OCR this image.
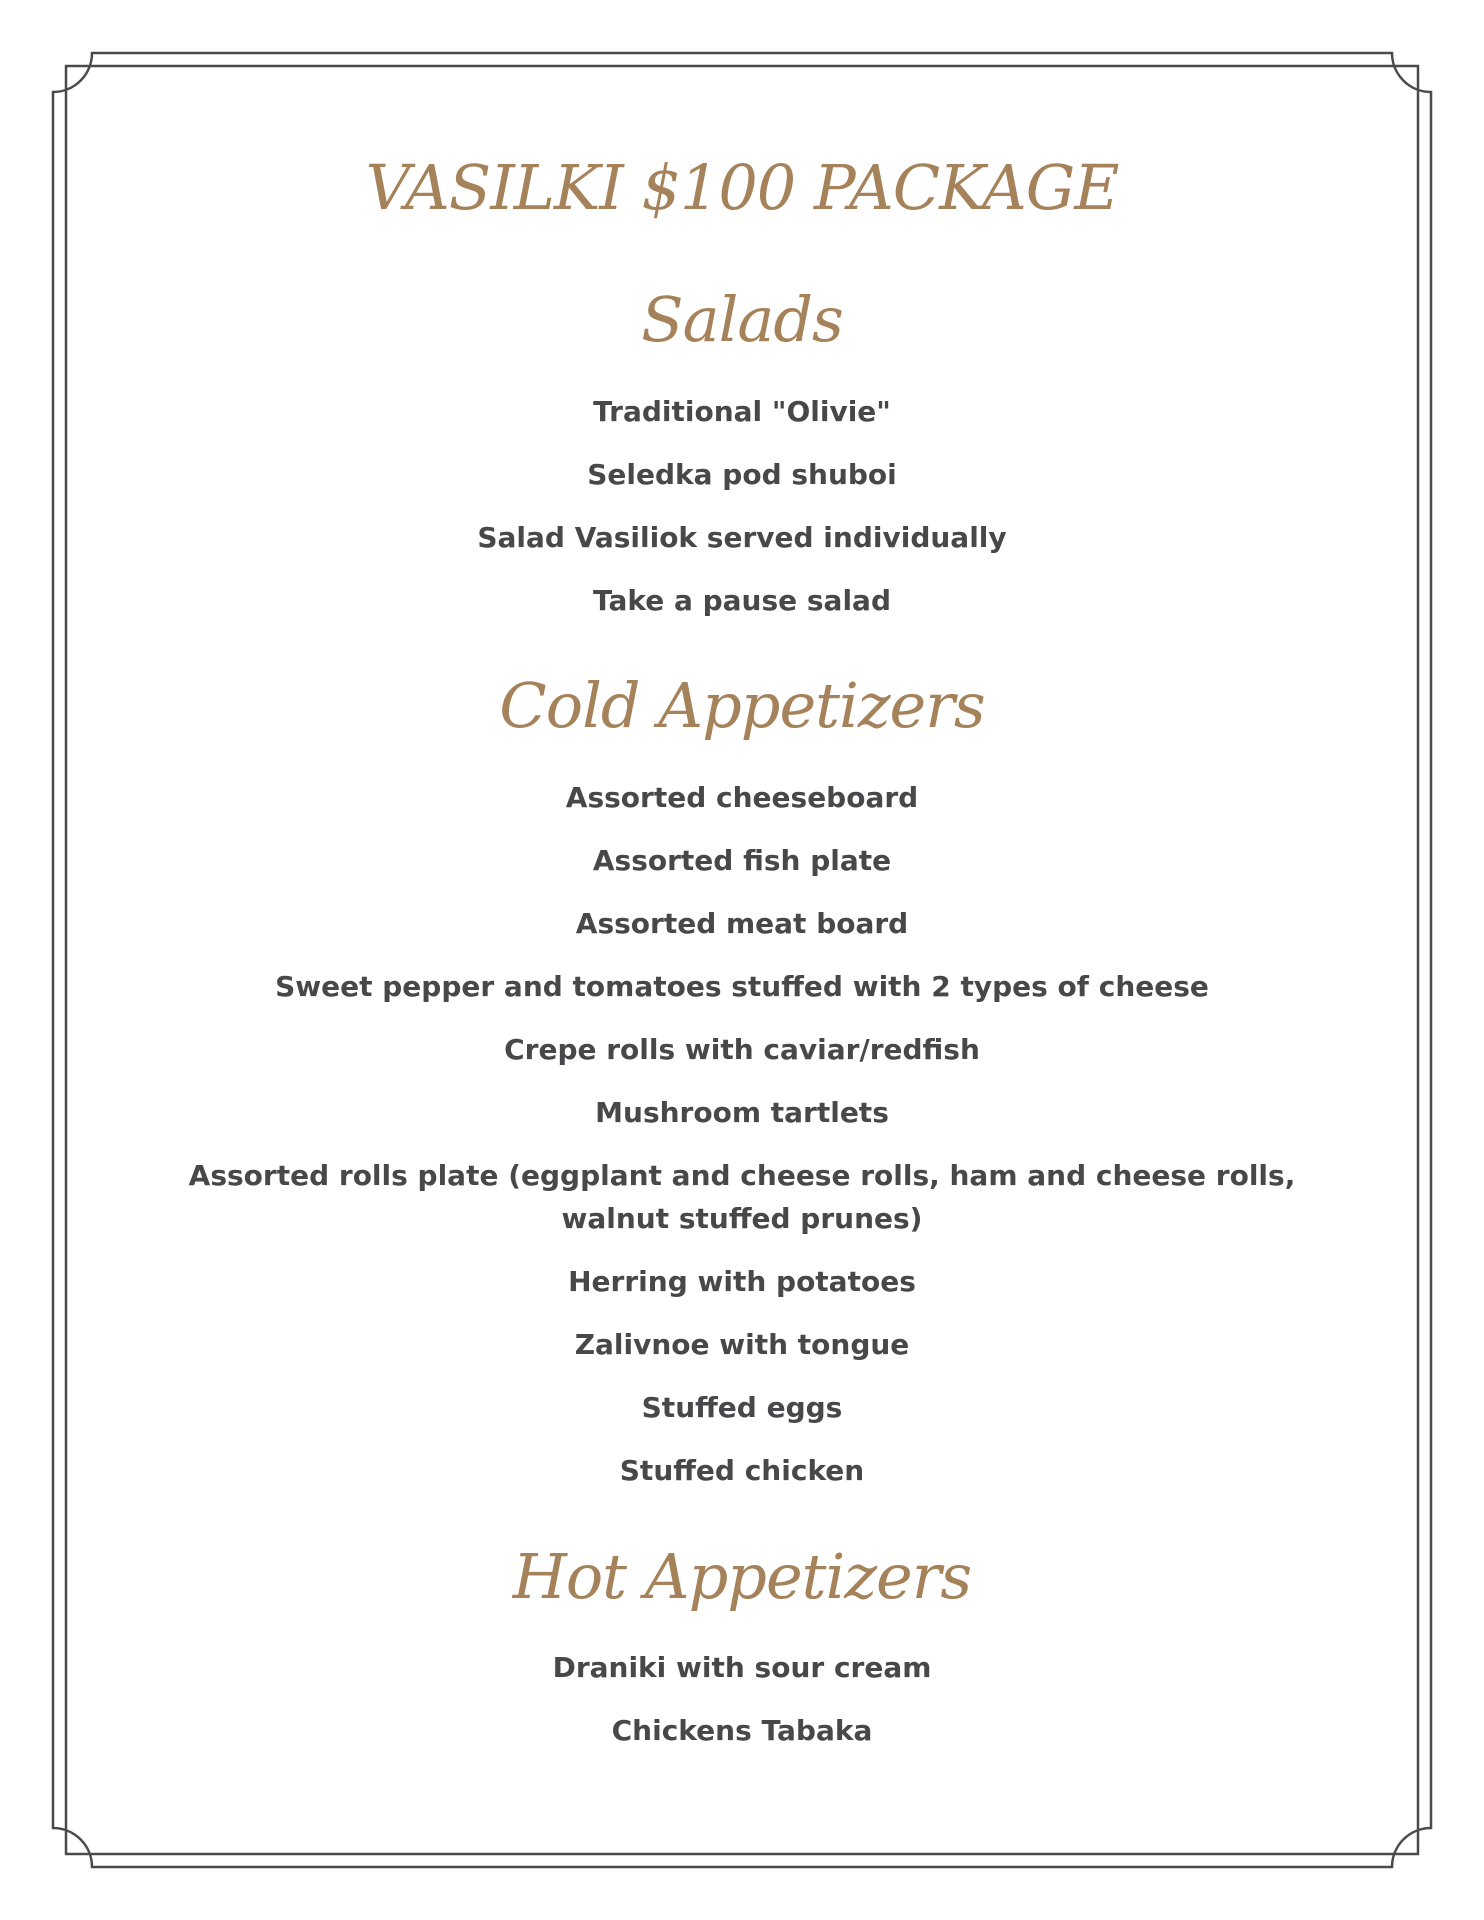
VASILKI $100 PACKAGE
Salads

Traditional "Olivie"

Seledka pod shuboi

Salad Vasiliok served individually

Take a pause salad

Cold Appetizers

Assorted cheeseboard

Assorted fish plate

Assorted meat board

Sweet pepper and tomatoes stuffed with 2 types of cheese

Crepe rolls with caviar/redfish

Mushroom tartlets

Assorted rolls plate (eggplant and cheese rolls, ham and cheese rolls, walnut stuffed prunes)

Herring with potatoes

Zalivnoe with tongue

Stuffed eggs

Stuffed chicken

Hot Appetizers

Draniki with sour cream

Chickens Tabaka
